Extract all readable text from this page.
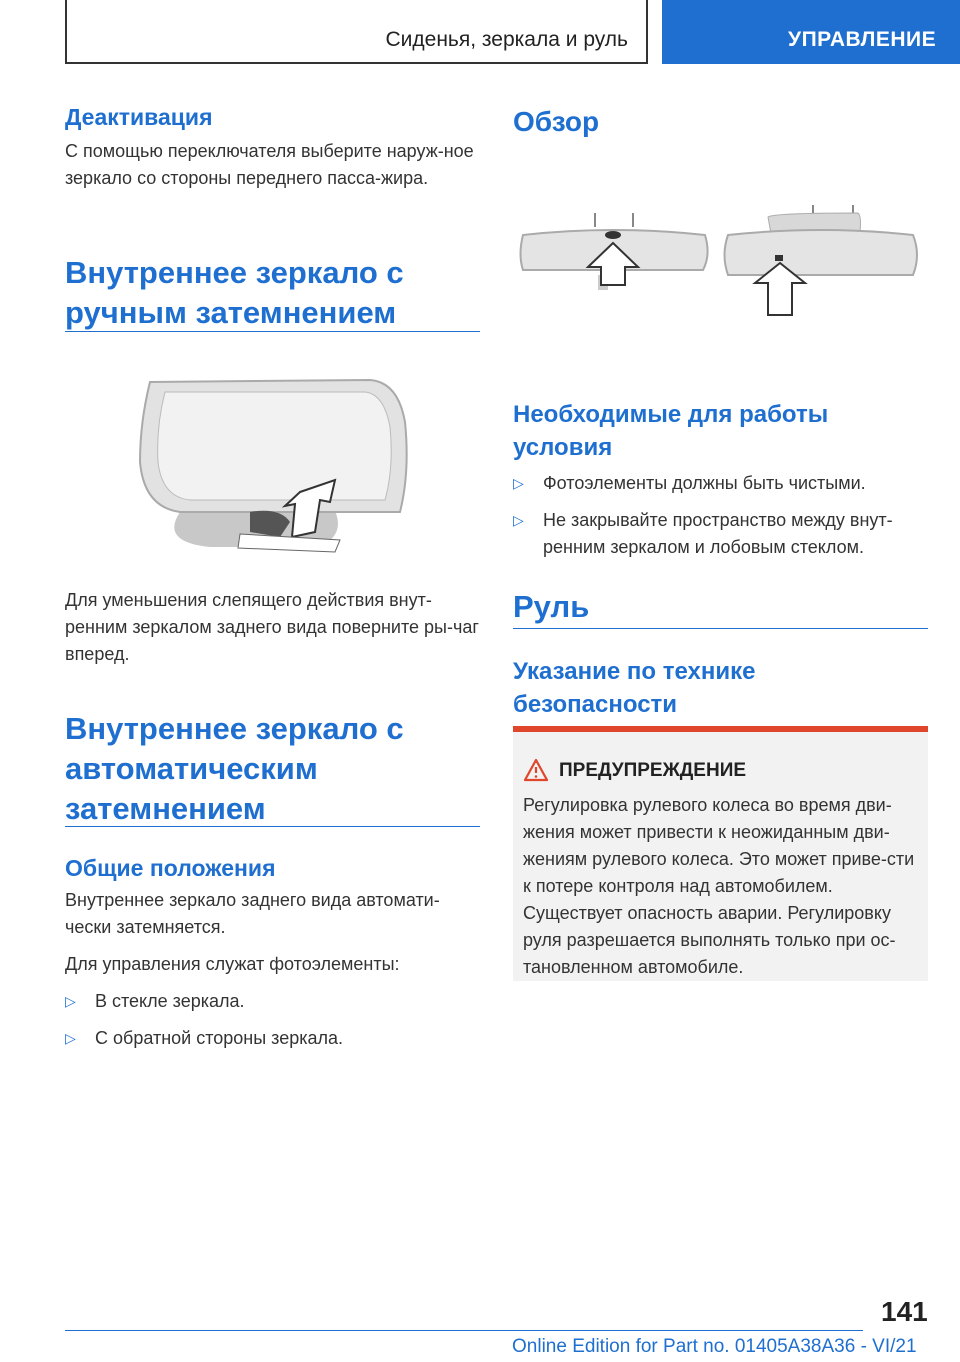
Сиденья, зеркала и руль	УПРАВЛЕНИЕ

Деактивация

С помощью переключателя выберите наруж-ное зеркало со стороны переднего пасса-жира.

Внутреннее зеркало с

ручным затемнением

Для уменьшения слепящего действия внут-ренним зеркалом заднего вида поверните ры-чаг вперед.

Внутреннее зеркало с

автоматическим

затемнением

Общие положения

Внутреннее зеркало заднего вида автомати-чески затемняется.

Для управления служат фотоэлементы:

▷ В стекле зеркала.
▷ С обратной стороны зеркала.

Обзор

Необходимые для работы

условия

▷ Фотоэлементы должны быть чистыми.
▷ Не закрывайте пространство между внут-ренним зеркалом и лобовым стеклом.

Руль

Указание по технике

безопасности

ПРЕДУПРЕЖДЕНИЕ

Регулировка рулевого колеса во время дви-жения может привести к неожиданным дви-жениям рулевого колеса. Это может приве-сти к потере контроля над автомобилем. Существует опасность аварии. Регулировку руля разрешается выполнять только при ос-тановленном автомобиле.

141
Online Edition for Part no. 01405A38A36 - VI/21
